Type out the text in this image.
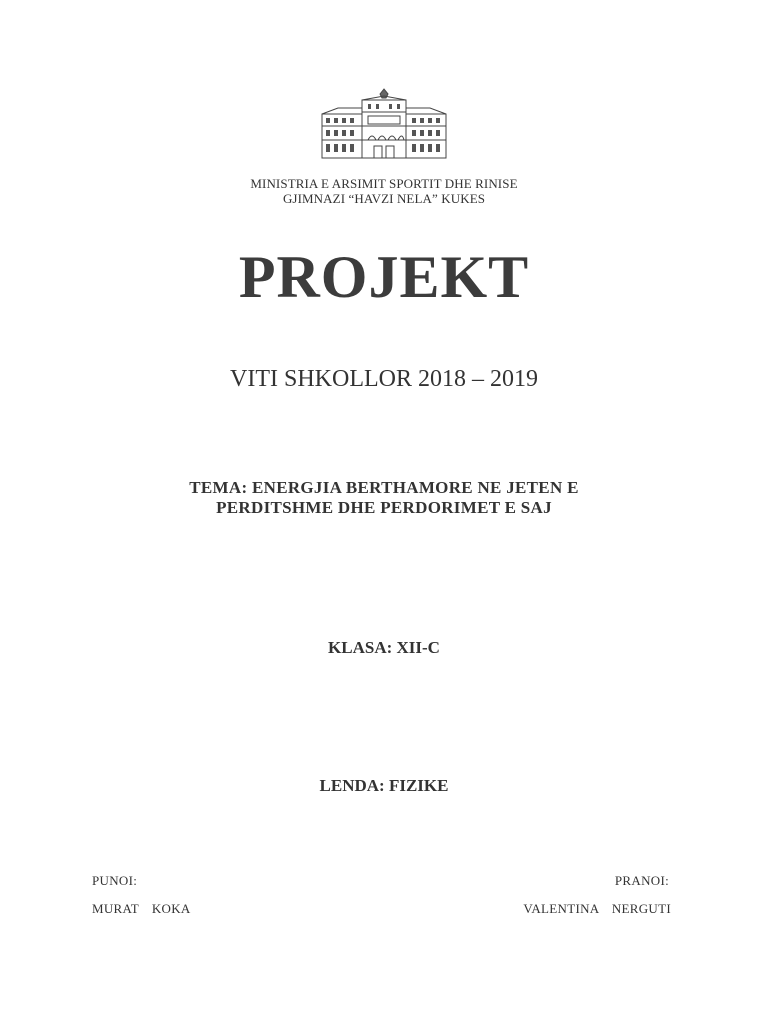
MINISTRIA E ARSIMIT SPORTIT DHE RINISE
GJIMNAZI “HAVZI NELA” KUKES
PROJEKT
VITI SHKOLLOR 2018 – 2019
TEMA: ENERGJIA BERTHAMORE NE JETEN E
PERDITSHME DHE PERDORIMET E SAJ
KLASA: XII-C
LENDA: FIZIKE
PUNOI:
MURAT  KOKA
PRANOI:
VALENTINA  NERGUTI
